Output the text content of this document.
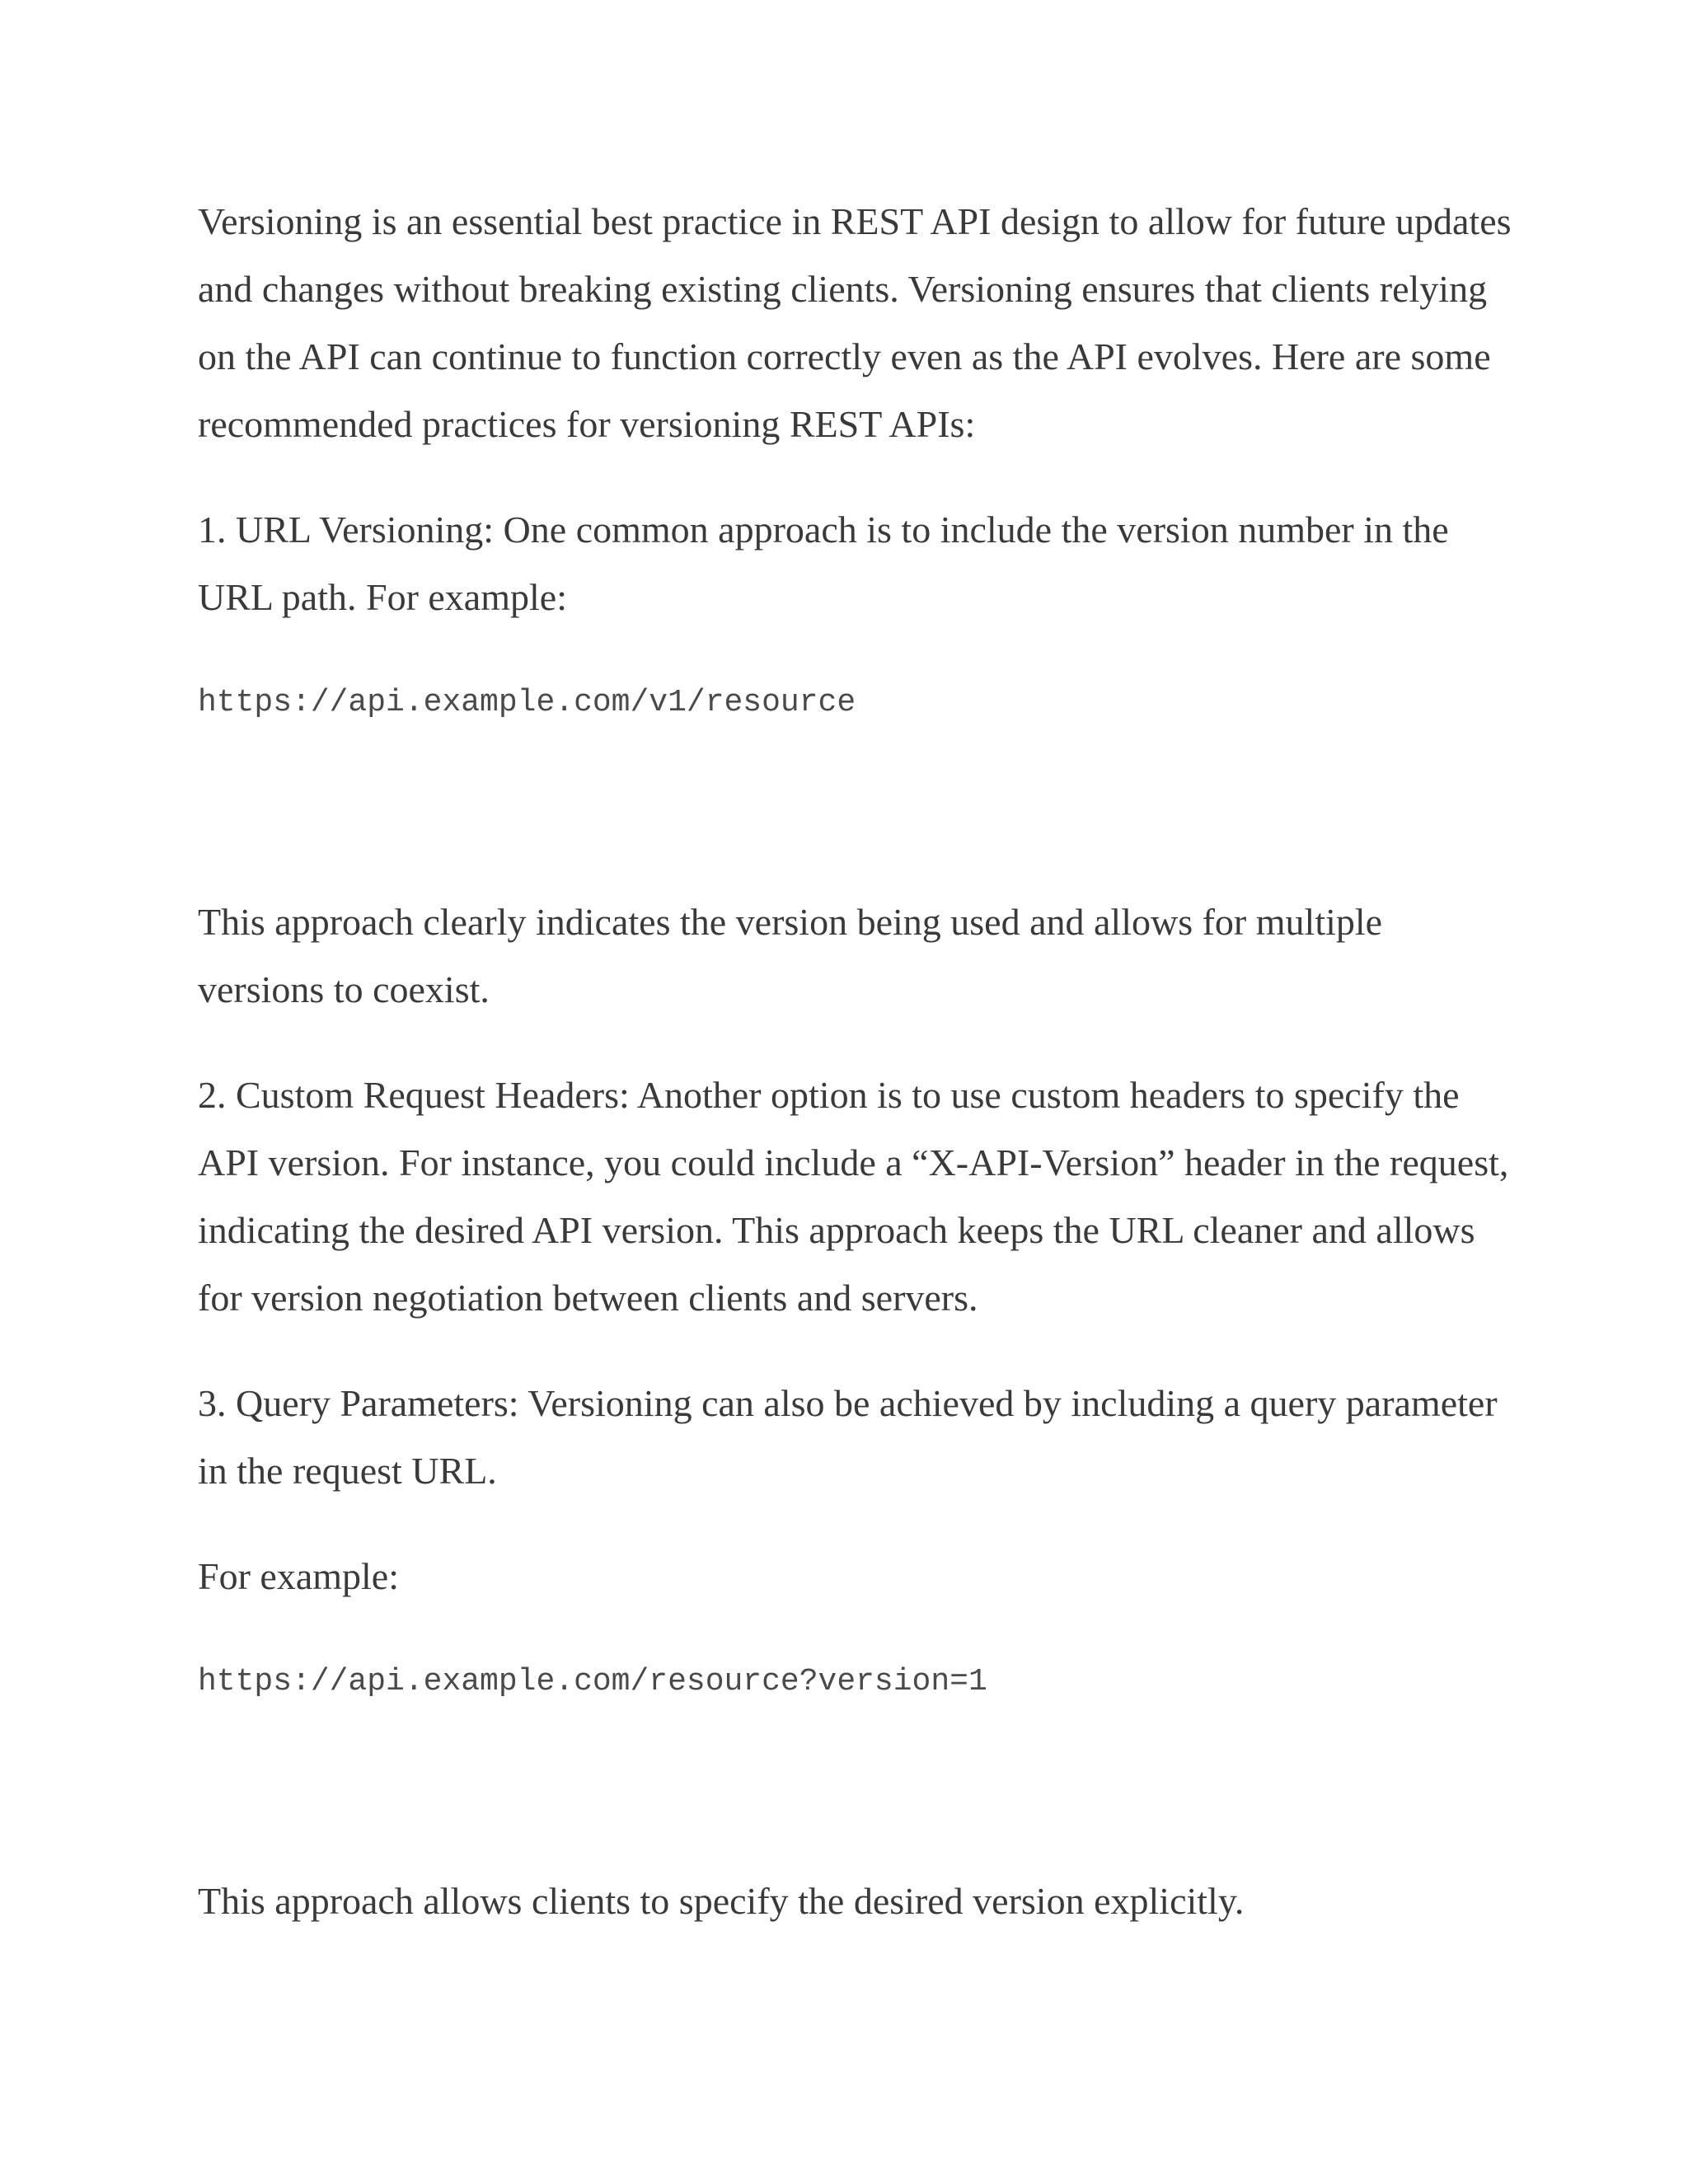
Versioning is an essential best practice in REST API design to allow for future updates and changes without breaking existing clients. Versioning ensures that clients relying on the API can continue to function correctly even as the API evolves. Here are some recommended practices for versioning REST APIs:

1. URL Versioning: One common approach is to include the version number in the URL path. For example:

https://api.example.com/v1/resource

This approach clearly indicates the version being used and allows for multiple versions to coexist.

2. Custom Request Headers: Another option is to use custom headers to specify the API version. For instance, you could include a “X-API-Version” header in the request, indicating the desired API version. This approach keeps the URL cleaner and allows for version negotiation between clients and servers.

3. Query Parameters: Versioning can also be achieved by including a query parameter in the request URL.

For example:

https://api.example.com/resource?version=1

This approach allows clients to specify the desired version explicitly.
